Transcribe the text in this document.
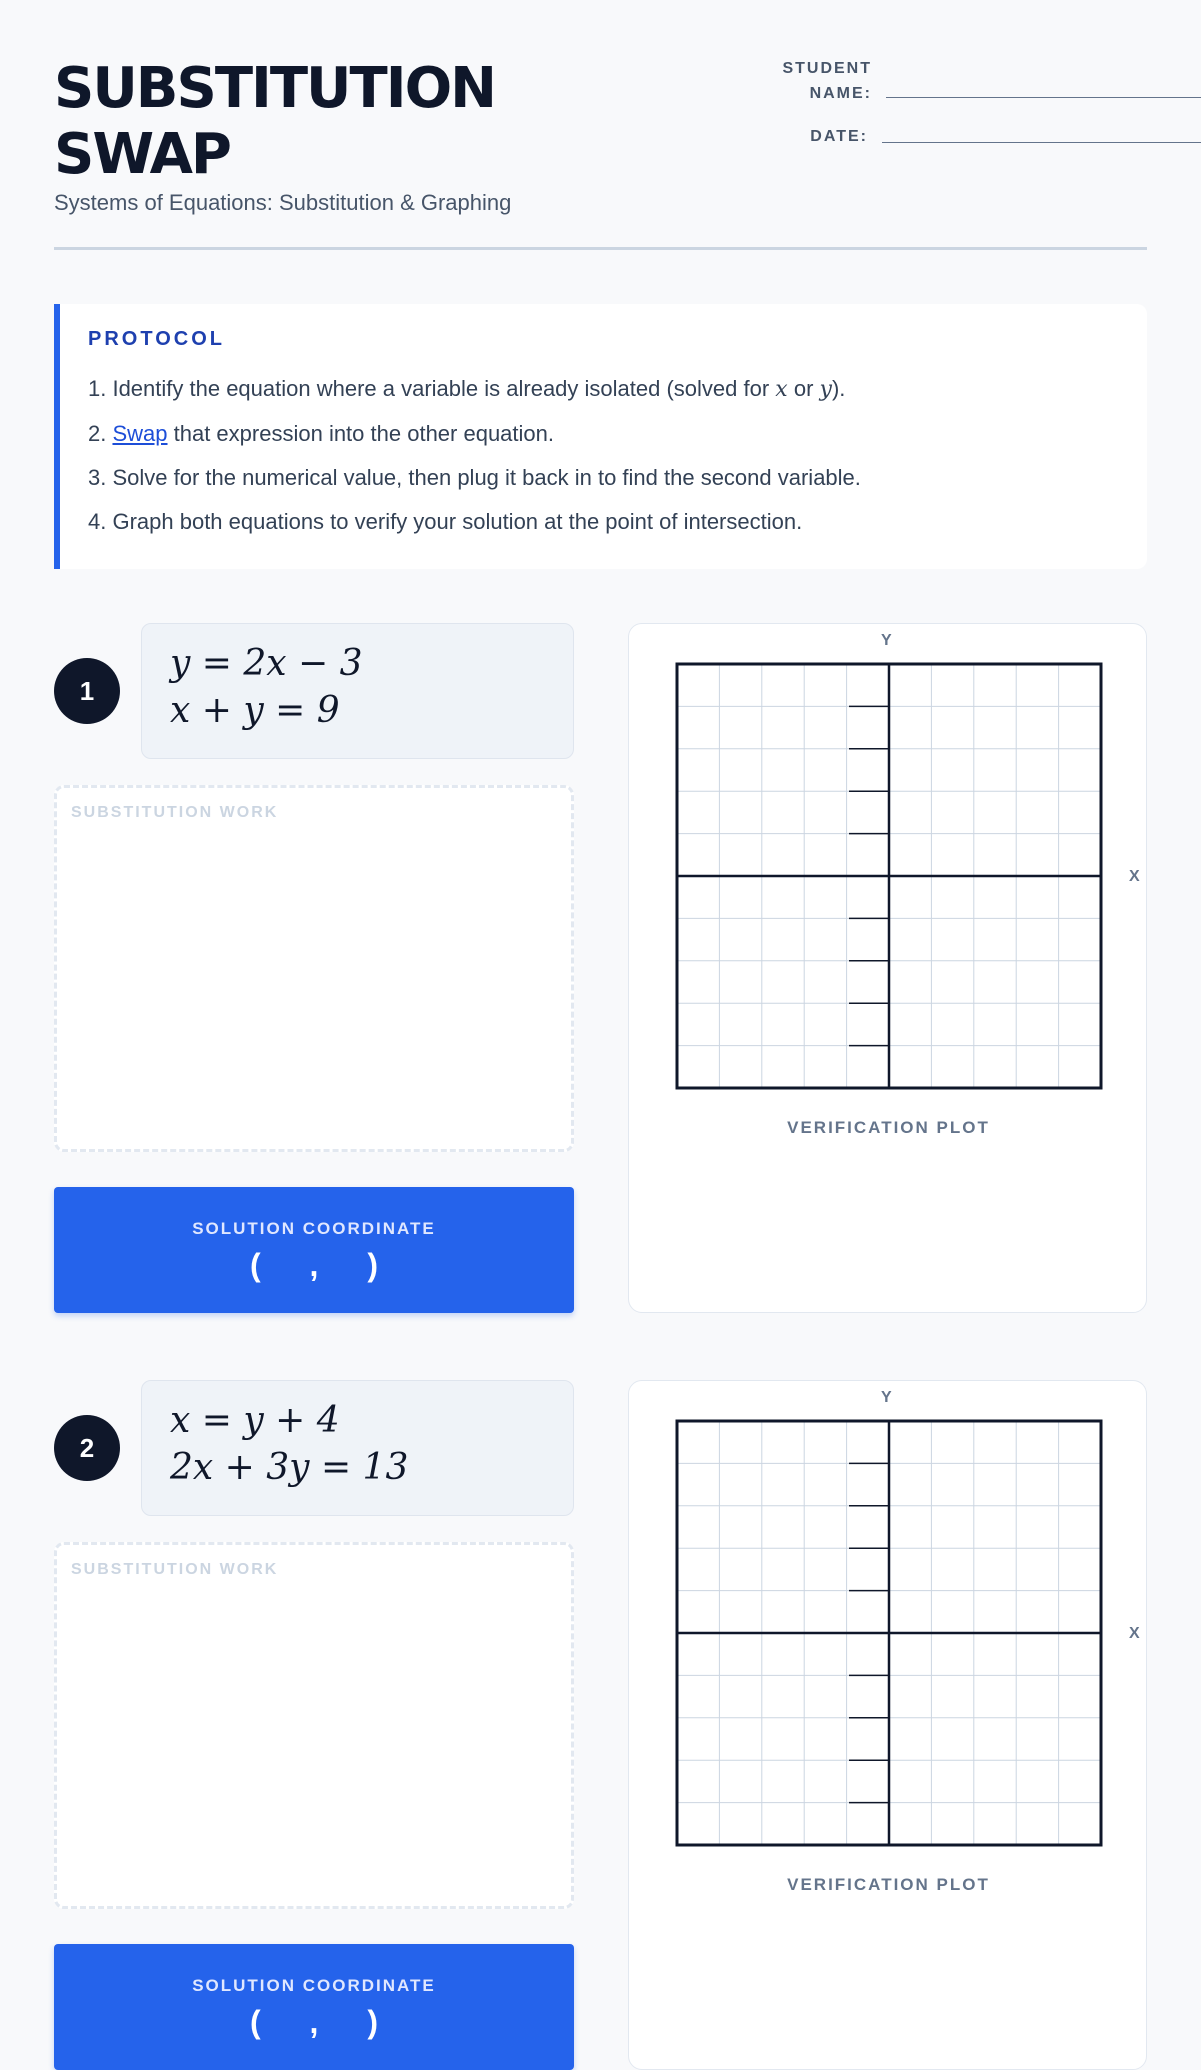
SUBSTITUTION SWAP
Systems of Equations: Substitution & Graphing
STUDENT NAME:
DATE:
PROTOCOL
1. Identify the equation where a variable is already isolated (solved for x or y).
2. Swap that expression into the other equation.
3. Solve for the numerical value, then plug it back in to find the second variable.
4. Graph both equations to verify your solution at the point of intersection.
1
y = 2x − 3
x + y = 9
SUBSTITUTION WORK
SOLUTION COORDINATE
( , )
Y
X
VERIFICATION PLOT
2
x = y + 4
2x + 3y = 13
SUBSTITUTION WORK
SOLUTION COORDINATE
( , )
Y
X
VERIFICATION PLOT
